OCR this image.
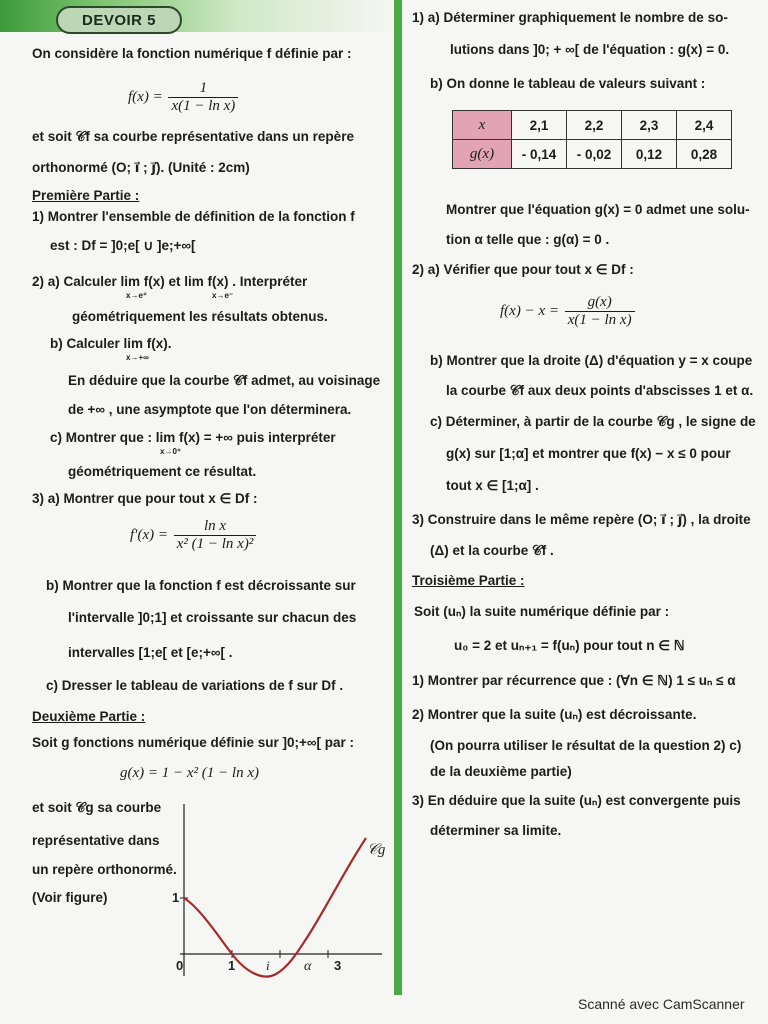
DEVOIR 5
On considère la fonction numérique f définie par :
$f(x) = \frac{1}{\text{x(1 − ln x)}}$
et soit 𝒞f sa courbe représentative dans un repère
orthonormé (O; i⃗ ; j⃗). (Unité : 2cm)
Première Partie :
1) Montrer l'ensemble de définition de la fonction f
est : Df = ]0;e[ ∪ ]e;+∞[
2) a) Calculer lim f(x) et lim f(x) . Interpréter
x→e⁺	x→e⁻
géométriquement les résultats obtenus.
b) Calculer lim f(x).
x→+∞
En déduire que la courbe 𝒞f admet, au voisinage
de +∞ , une asymptote que l'on déterminera.
c) Montrer que : lim f(x) = +∞ puis interpréter
x→0⁺
géométriquement ce résultat.
3) a) Montrer que pour tout x ∈ Df :
$f'(x) = \frac{\text{ln x}}{\text{x² (1 − ln x)²}}$
b) Montrer que la fonction f est décroissante sur
l'intervalle ]0;1] et croissante sur chacun des
intervalles [1;e[ et [e;+∞[ .
c) Dresser le tableau de variations de f sur Df .
Deuxième Partie :
Soit g fonctions numérique définie sur ]0;+∞[ par :
g(x) = 1 − x² (1 − ln x)
et soit 𝒞g sa courbe
représentative dans
un repère orthonormé.
(Voir figure)
𝒞g
1
0	1 i α 3
1) a) Déterminer graphiquement le nombre de so-
lutions dans ]0; + ∞[ de l'équation : g(x) = 0.
b) On donne le tableau de valeurs suivant :
x	2,1	2,2	2,3	2,4
g(x)	- 0,14	- 0,02	0,12	0,28
Montrer que l'équation g(x) = 0 admet une solu-
tion α telle que : g(α) = 0 .
2) a) Vérifier que pour tout x ∈ Df :
$f(x) - x = \frac{g(x)}{\text{x(1 − ln x)}}$
b) Montrer que la droite (Δ) d'équation y = x coupe
la courbe 𝒞f aux deux points d'abscisses 1 et α.
c) Déterminer, à partir de la courbe 𝒞g , le signe de
g(x) sur [1;α] et montrer que f(x) − x ≤ 0 pour
tout x ∈ [1;α] .
3) Construire dans le même repère (O; i⃗ ; j⃗) , la droite
(Δ) et la courbe 𝒞f .
Troisième Partie :
Soit (uₙ) la suite numérique définie par :
u₀ = 2 et uₙ₊₁ = f(uₙ) pour tout n ∈ ℕ
1) Montrer par récurrence que : (∀n ∈ ℕ) 1 ≤ uₙ ≤ α
2) Montrer que la suite (uₙ) est décroissante.
(On pourra utiliser le résultat de la question 2) c)
de la deuxième partie)
3) En déduire que la suite (uₙ) est convergente puis
déterminer sa limite.
Scanné avec CamScanner
